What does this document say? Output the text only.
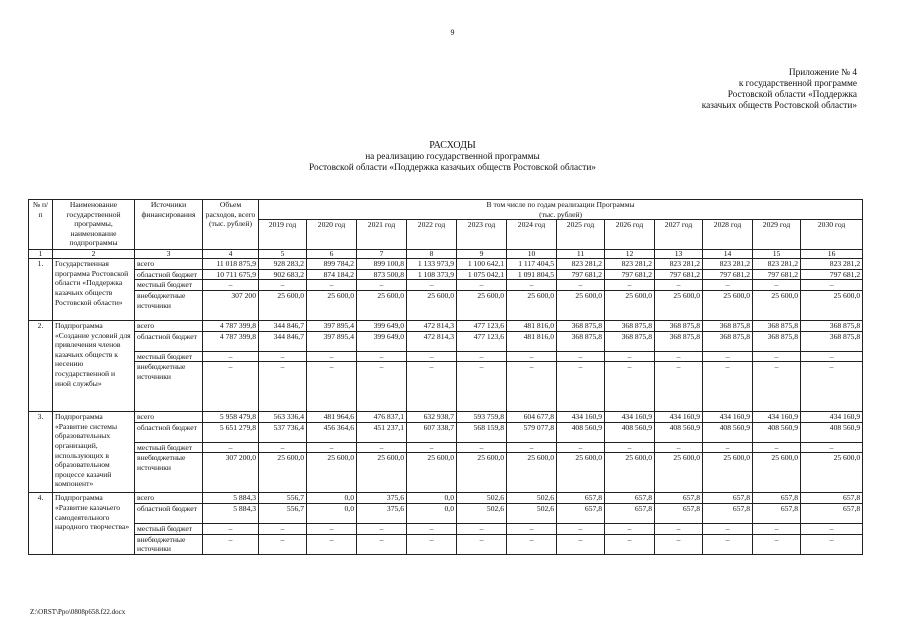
9
Приложение № 4
к государственной программе
Ростовской области «Поддержка
казачьих обществ Ростовской области»
РАСХОДЫ
на реализацию государственной программы
Ростовской области «Поддержка казачьих обществ Ростовской области»
№ п/п	Наименование государственной программы, наименование подпрограммы	Источники финансирования	Объем расходов, всего (тыс. рублей)	В том числе по годам реализации Программы
(тыс. рублей)											

				2019 год	2020 год	2021 год	2022 год	2023 год	2024 год	2025 год	2026 год	2027 год	2028 год	2029 год	2030 год
1	2	3	4	5	6	7	8	9	10	11	12	13	14	15	16
1.	Государственная программа Ростовской области «Поддержка казачьих обществ Ростовской области»	всего	11 018 875,9	928 283,2	899 784,2	899 100,8	1 133 973,9	1 100 642,1	1 117 404,5	823 281,2	823 281,2	823 281,2	823 281,2	823 281,2	823 281,2
		областной бюджет	10 711 675,9	902 683,2	874 184,2	873 500,8	1 108 373,9	1 075 042,1	1 091 804,5	797 681,2	797 681,2	797 681,2	797 681,2	797 681,2	797 681,2
		местный бюджет	–	–	–	–	–	–	–	–	–	–	–	–	–
		внебюджетные источники	307 200	25 600,0	25 600,0	25 600,0	25 600,0	25 600,0	25 600,0	25 600,0	25 600,0	25 600,0	25 600,0	25 600,0	25 600,0
2.	Подпрограмма «Создание условий для привлечения членов казачьих обществ к несению государственной и иной службы»	всего	4 787 399,8	344 846,7	397 895,4	399 649,0	472 814,3	477 123,6	481 816,0	368 875,8	368 875,8	368 875,8	368 875,8	368 875,8	368 875,8
		областной бюджет	4 787 399,8	344 846,7	397 895,4	399 649,0	472 814,3	477 123,6	481 816,0	368 875,8	368 875,8	368 875,8	368 875,8	368 875,8	368 875,8
		местный бюджет	–	–	–	–	–	–	–	–	–	–	–	–	–
		внебюджетные источники	–	–	–	–	–	–	–	–	–	–	–	–	–
3.	Подпрограмма «Развитие системы образовательных организаций, использующих в образовательном процессе казачий компонент»	всего	5 958 479,8	563 336,4	481 964,6	476 837,1	632 938,7	593 759,8	604 677,8	434 160,9	434 160,9	434 160,9	434 160,9	434 160,9	434 160,9
		областной бюджет	5 651 279,8	537 736,4	456 364,6	451 237,1	607 338,7	568 159,8	579 077,8	408 560,9	408 560,9	408 560,9	408 560,9	408 560,9	408 560,9
		местный бюджет	–	–	–	–	–	–	–	–	–	–	–	–	–
		внебюджетные источники	307 200,0	25 600,0	25 600,0	25 600,0	25 600,0	25 600,0	25 600,0	25 600,0	25 600,0	25 600,0	25 600,0	25 600,0	25 600,0
4.	Подпрограмма «Развитие казачьего самодеятельного народного творчества»	всего	5 884,3	556,7	0,0	375,6	0,0	502,6	502,6	657,8	657,8	657,8	657,8	657,8	657,8
		областной бюджет	5 884,3	556,7	0,0	375,6	0,0	502,6	502,6	657,8	657,8	657,8	657,8	657,8	657,8
		местный бюджет	–	–	–	–	–	–	–	–	–	–	–	–	–
		внебюджетные источники	–	–	–	–	–	–	–	–	–	–	–	–	–
Z:\ORST\Ppo\0808p658.f22.docx
